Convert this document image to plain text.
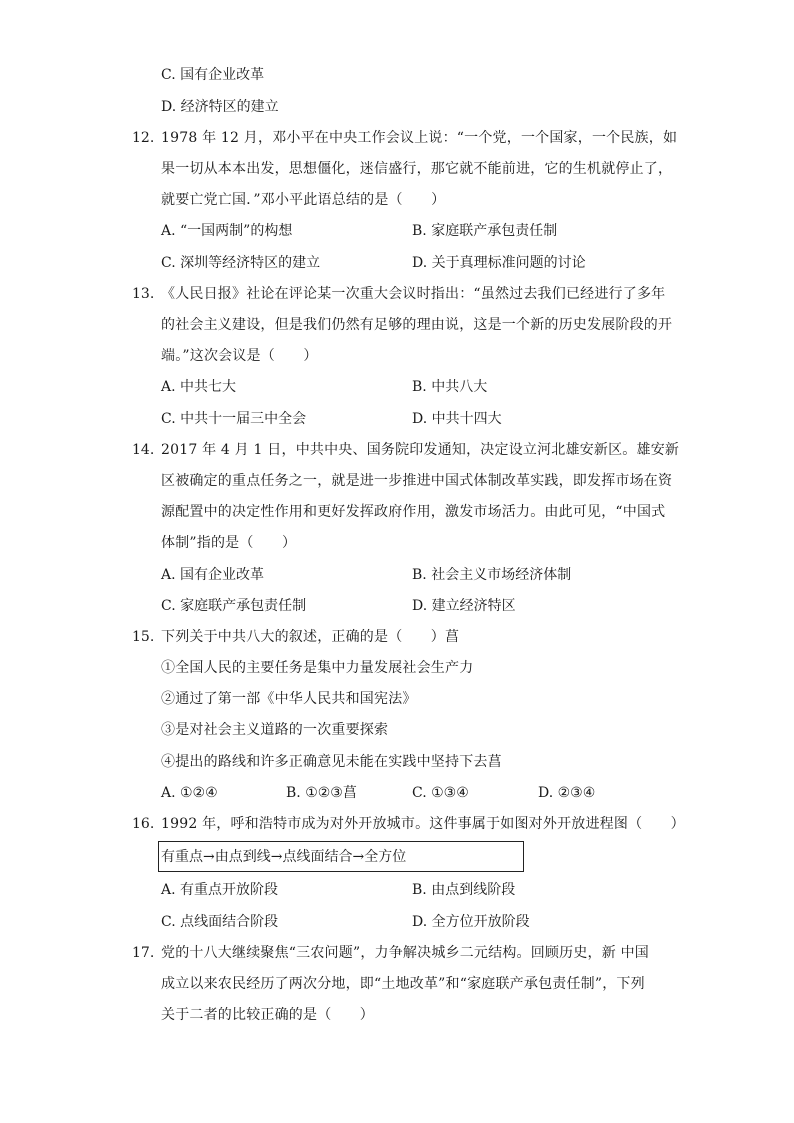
C. 国有企业改革
D. 经济特区的建立
12. 1978 年 12 月，邓小平在中央工作会议上说：“一个党，一个国家，一个民族，如
果一切从本本出发，思想僵化，迷信盛行，那它就不能前进，它的生机就停止了，
就要亡党亡国．”邓小平此语总结的是（　　）
A. “一国两制”的构想	B. 家庭联产承包责任制
C. 深圳等经济特区的建立	D. 关于真理标准问题的讨论
13. 《人民日报》社论在评论某一次重大会议时指出：“虽然过去我们已经进行了多年
的社会主义建设，但是我们仍然有足够的理由说，这是一个新的历史发展阶段的开
端。”这次会议是（　　）
A. 中共七大	B. 中共八大
C. 中共十一届三中全会	D. 中共十四大
14. 2017 年 4 月 1 日，中共中央、国务院印发通知，决定设立河北雄安新区。雄安新
区被确定的重点任务之一，就是进一步推进中国式体制改革实践，即发挥市场在资
源配置中的决定性作用和更好发挥政府作用，激发市场活力。由此可见，“中国式
体制”指的是（　　）
A. 国有企业改革	B. 社会主义市场经济体制
C. 家庭联产承包责任制	D. 建立经济特区
15. 下列关于中共八大的叙述，正确的是（　　）菖
①全国人民的主要任务是集中力量发展社会生产力
②通过了第一部《中华人民共和国宪法》
③是对社会主义道路的一次重要探索
④提出的路线和许多正确意见未能在实践中坚持下去菖
A. ①②④	B. ①②③菖	C. ①③④	D. ②③④
16. 1992 年，呼和浩特市成为对外开放城市。这件事属于如图对外开放进程图（　　）
有重点→由点到线→点线面结合→全方位
A. 有重点开放阶段	B. 由点到线阶段
C. 点线面结合阶段	D. 全方位开放阶段
17. 党的十八大继续聚焦“三农问题”，力争解决城乡二元结构。回顾历史，新 中国
成立以来农民经历了两次分地，即“土地改革”和“家庭联产承包责任制”，下列
关于二者的比较正确的是（　　）
